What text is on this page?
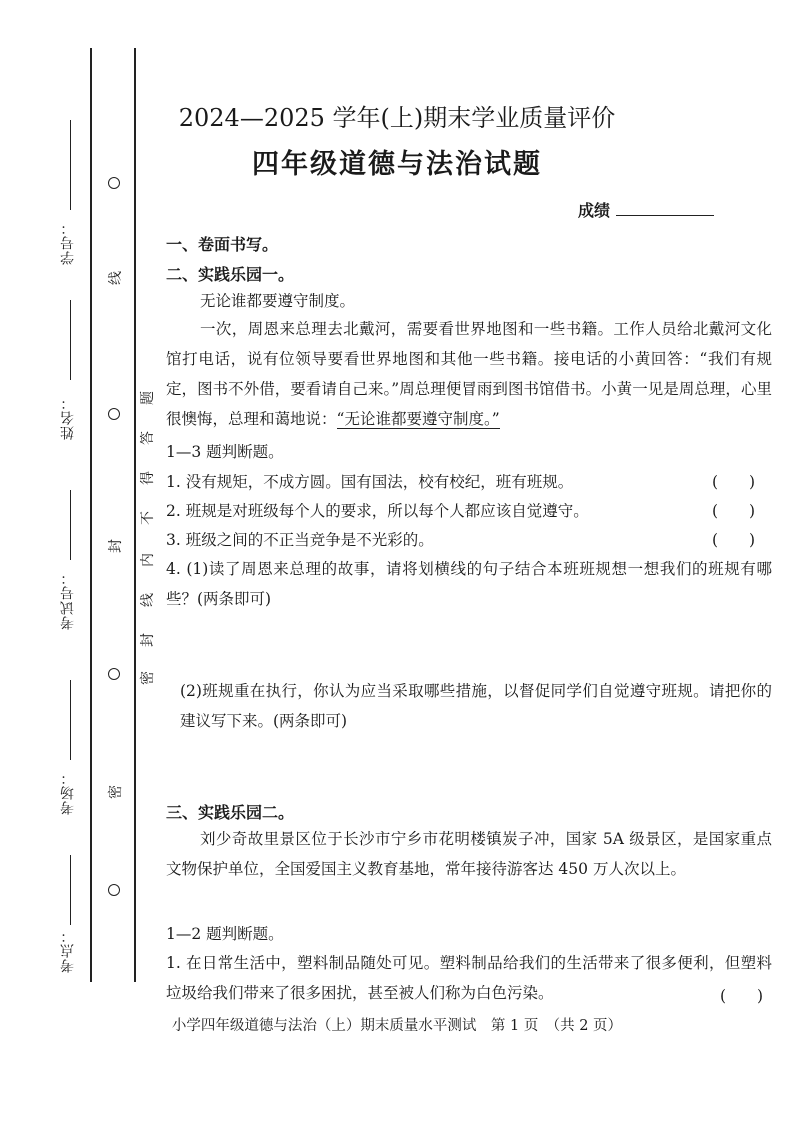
学号：
姓名：
考试号：
考场：
考点：
线
封
密
密
封
线
内
不
得
答
题
2024—2025 学年(上)期末学业质量评价
四年级道德与法治试题
成绩
一、卷面书写。
二、实践乐园一。
无论谁都要遵守制度。
一次，周恩来总理去北戴河，需要看世界地图和一些书籍。工作人员给北戴河文化馆打电话，说有位领导要看世界地图和其他一些书籍。接电话的小黄回答：“我们有规定，图书不外借，要看请自己来。”周总理便冒雨到图书馆借书。小黄一见是周总理，心里很懊悔，总理和蔼地说：“无论谁都要遵守制度。”
1—3 题判断题。
1. 没有规矩，不成方圆。国有国法，校有校纪，班有班规。	(　　)
2. 班规是对班级每个人的要求，所以每个人都应该自觉遵守。	(　　)
3. 班级之间的不正当竞争是不光彩的。	(　　)
4. (1)读了周恩来总理的故事，请将划横线的句子结合本班班规想一想我们的班规有哪些？(两条即可)
(2)班规重在执行，你认为应当采取哪些措施，以督促同学们自觉遵守班规。请把你的建议写下来。(两条即可)
三、实践乐园二。
刘少奇故里景区位于长沙市宁乡市花明楼镇炭子冲，国家 5A 级景区，是国家重点文物保护单位，全国爱国主义教育基地，常年接待游客达 450 万人次以上。
1—2 题判断题。
1. 在日常生活中，塑料制品随处可见。塑料制品给我们的生活带来了很多便利，但塑料垃圾给我们带来了很多困扰，甚至被人们称为白色污染。	(　　)
小学四年级道德与法治（上）期末质量水平测试　第 1 页　（共 2 页）
